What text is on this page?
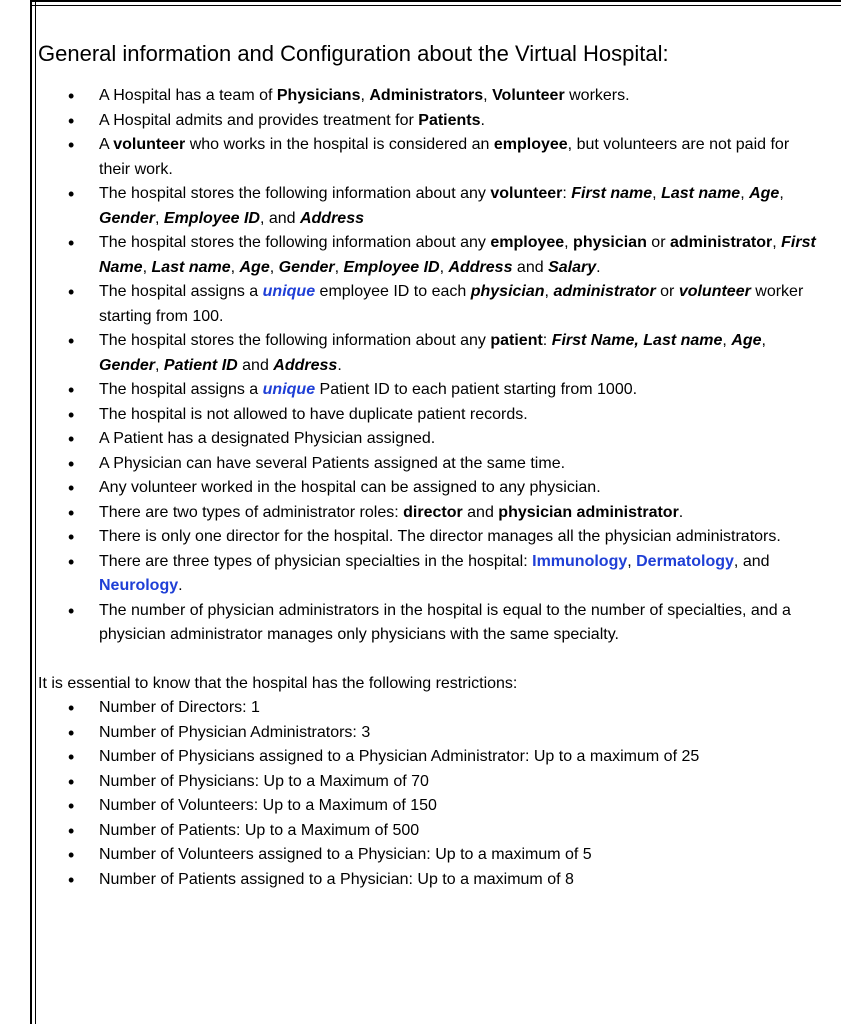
General information and Configuration about the Virtual Hospital:
• A Hospital has a team of Physicians, Administrators, Volunteer workers.
• A Hospital admits and provides treatment for Patients.
• A volunteer who works in the hospital is considered an employee, but volunteers are not paid for their work.
• The hospital stores the following information about any volunteer: First name, Last name, Age, Gender, Employee ID, and Address
• The hospital stores the following information about any employee, physician or administrator, First Name, Last name, Age, Gender, Employee ID, Address and Salary.
• The hospital assigns a unique employee ID to each physician, administrator or volunteer worker starting from 100.
• The hospital stores the following information about any patient: First Name, Last name, Age, Gender, Patient ID and Address.
• The hospital assigns a unique Patient ID to each patient starting from 1000.
• The hospital is not allowed to have duplicate patient records.
• A Patient has a designated Physician assigned.
• A Physician can have several Patients assigned at the same time.
• Any volunteer worked in the hospital can be assigned to any physician.
• There are two types of administrator roles: director and physician administrator.
• There is only one director for the hospital. The director manages all the physician administrators.
• There are three types of physician specialties in the hospital: Immunology, Dermatology, and Neurology.
• The number of physician administrators in the hospital is equal to the number of specialties, and a physician administrator manages only physicians with the same specialty.

It is essential to know that the hospital has the following restrictions:

• Number of Directors: 1
• Number of Physician Administrators: 3
• Number of Physicians assigned to a Physician Administrator: Up to a maximum of 25
• Number of Physicians: Up to a Maximum of 70
• Number of Volunteers: Up to a Maximum of 150
• Number of Patients: Up to a Maximum of 500
• Number of Volunteers assigned to a Physician: Up to a maximum of 5
• Number of Patients assigned to a Physician: Up to a maximum of 8
